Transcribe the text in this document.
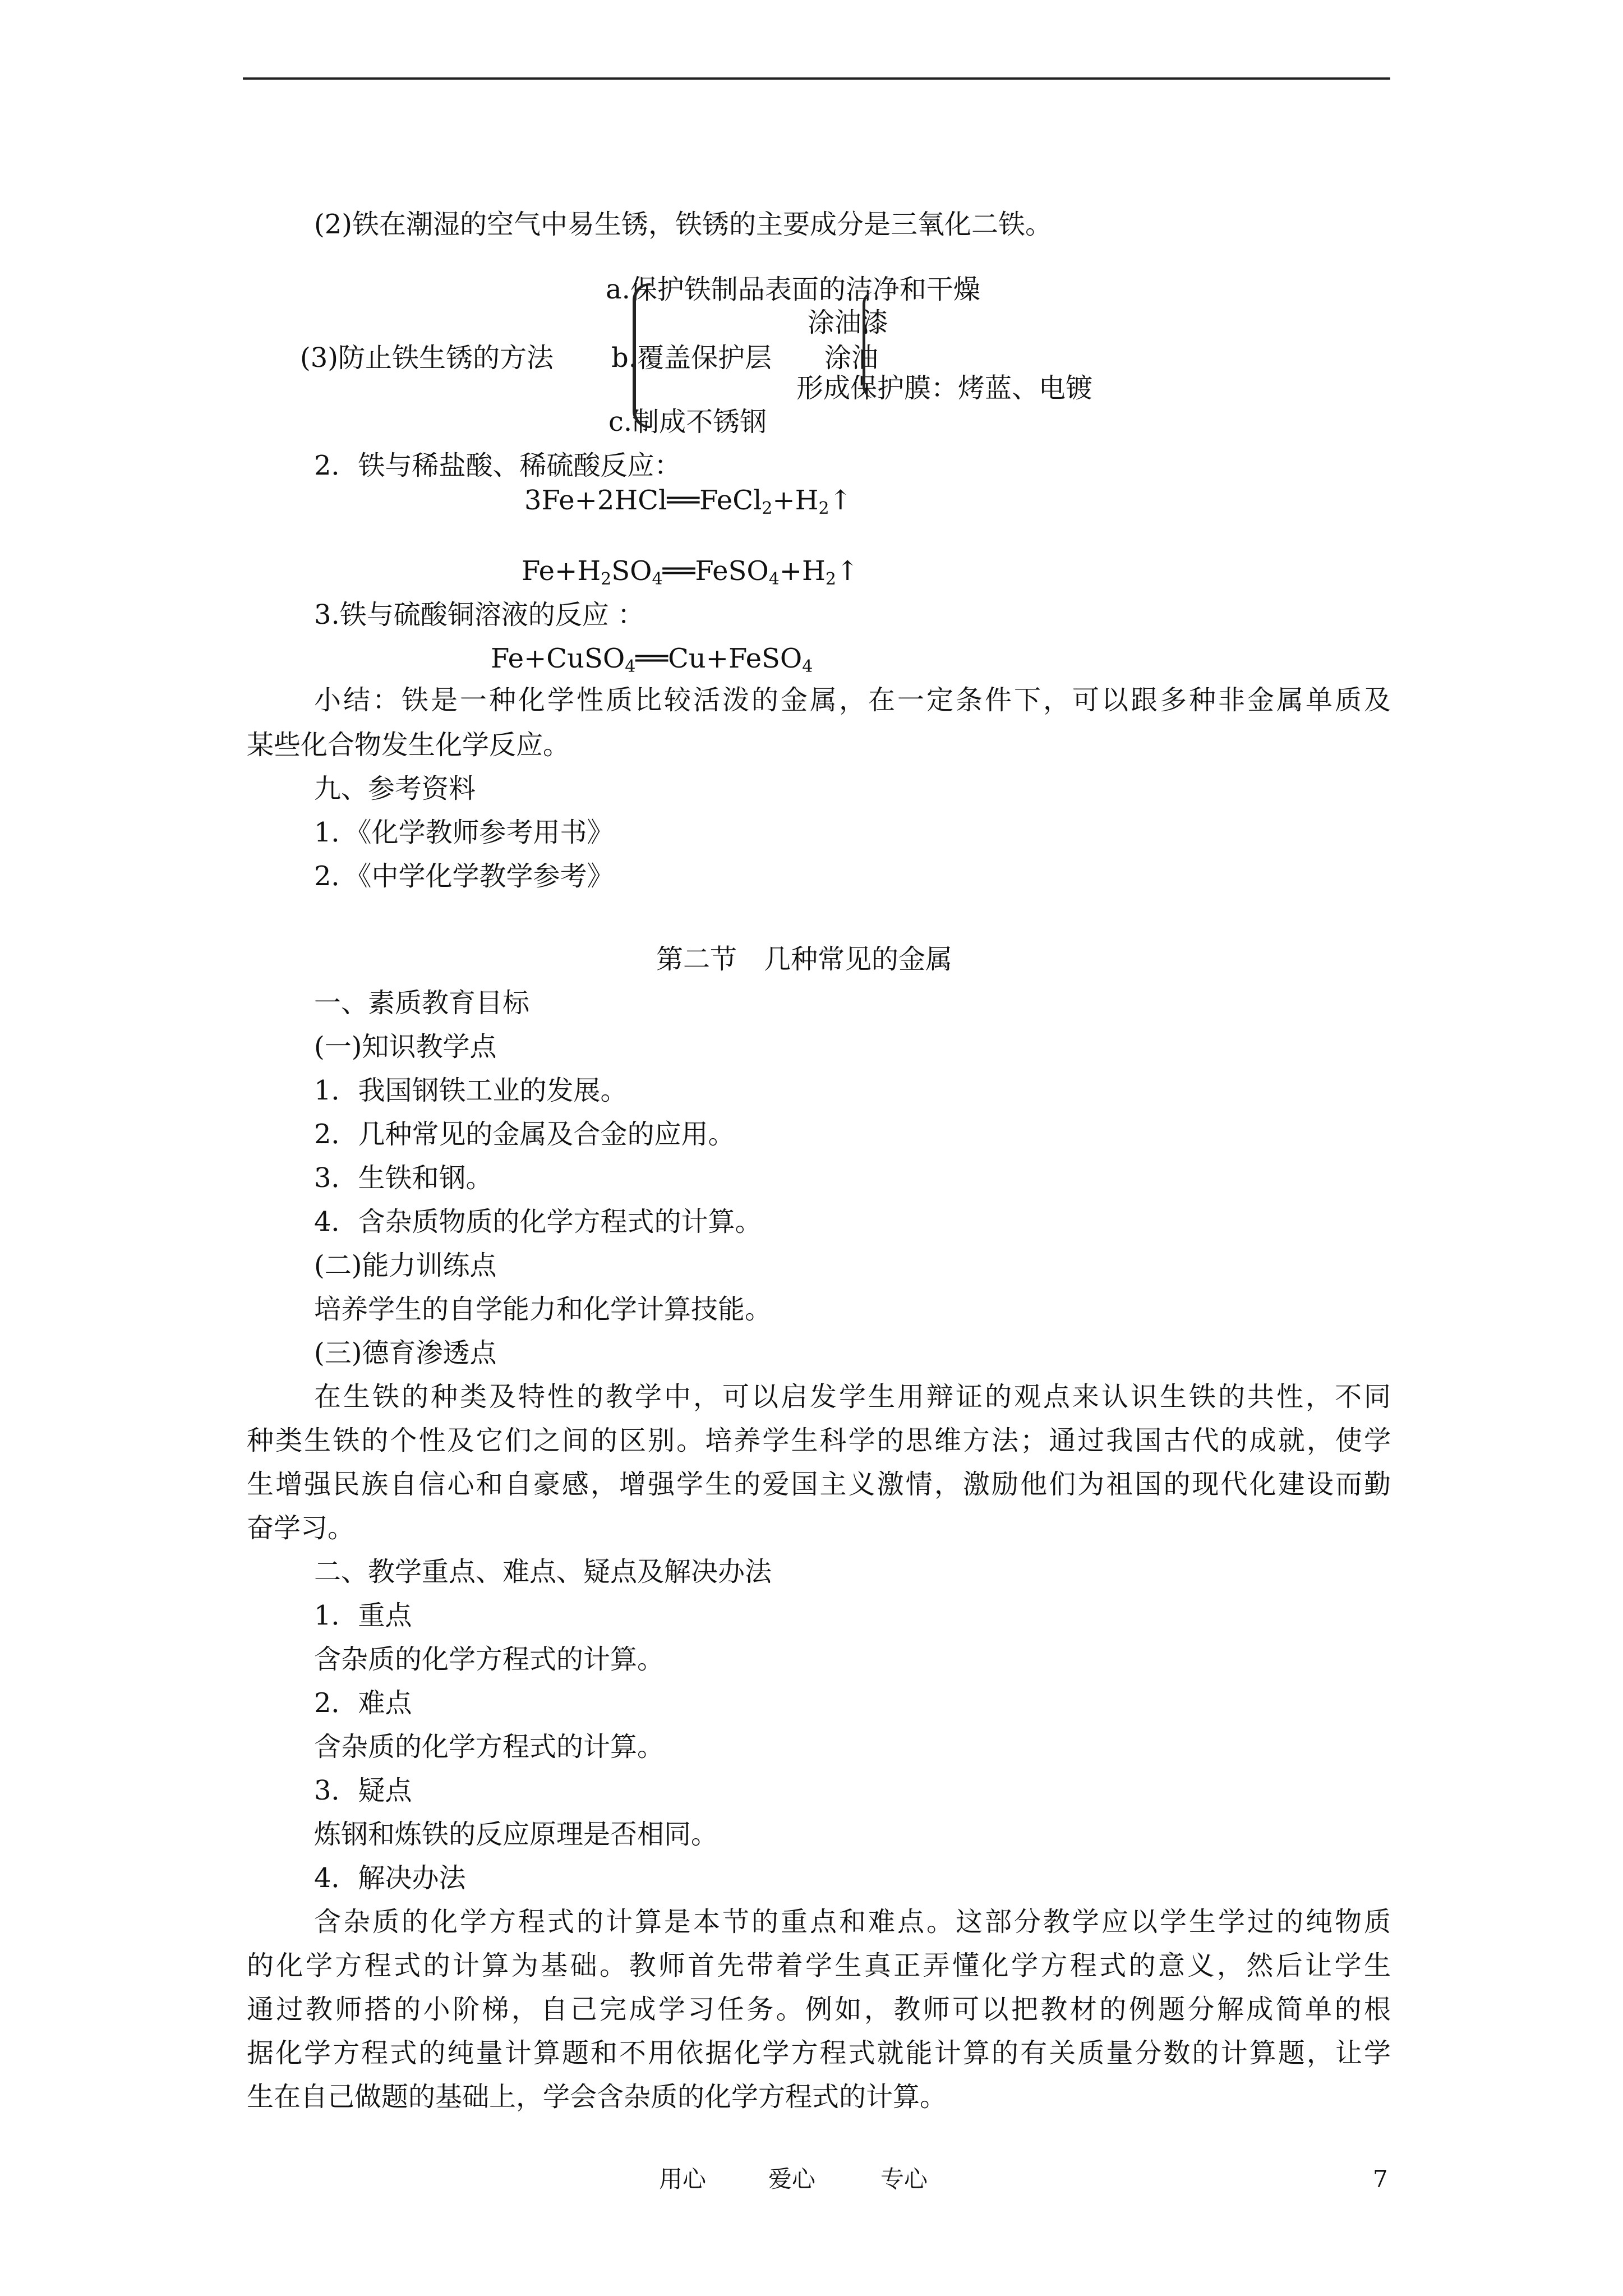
(2)铁在潮湿的空气中易生锈，铁锈的主要成分是三氧化二铁。
a.保护铁制品表面的洁净和干燥
涂油漆
(3)防止铁生锈的方法 b.覆盖保护层 涂油
形成保护膜：烤蓝、电镀
c.制成不锈钢
2．铁与稀盐酸、稀硫酸反应：
$3Fe+2HCl══FeCl_2+H_2↑$
$Fe+H_2SO_4══FeSO_4+H_2↑$
3.铁与硫酸铜溶液的反应 ：
Fe+CuSO$_4$══Cu+FeSO$_4$
小结：铁是一种化学性质比较活泼的金属，在一定条件下，可以跟多种非金属单质及
某些化合物发生化学反应。
九、参考资料
1．《化学教师参考用书》
2．《中学化学教学参考》
第二节　几种常见的金属
一、素质教育目标
(一)知识教学点
1．我国钢铁工业的发展。
2．几种常见的金属及合金的应用。
3．生铁和钢。
4．含杂质物质的化学方程式的计算。
(二)能力训练点
培养学生的自学能力和化学计算技能。
(三)德育渗透点
在生铁的种类及特性的教学中，可以启发学生用辩证的观点来认识生铁的共性，不同
种类生铁的个性及它们之间的区别。培养学生科学的思维方法；通过我国古代的成就，使学
生增强民族自信心和自豪感，增强学生的爱国主义激情，激励他们为祖国的现代化建设而勤
奋学习。
二、教学重点、难点、疑点及解决办法
1．重点
含杂质的化学方程式的计算。
2．难点
含杂质的化学方程式的计算。
3．疑点
炼钢和炼铁的反应原理是否相同。
4．解决办法
含杂质的化学方程式的计算是本节的重点和难点。这部分教学应以学生学过的纯物质
的化学方程式的计算为基础。教师首先带着学生真正弄懂化学方程式的意义，然后让学生
通过教师搭的小阶梯，自己完成学习任务。例如，教师可以把教材的例题分解成简单的根
据化学方程式的纯量计算题和不用依据化学方程式就能计算的有关质量分数的计算题，让学
生在自己做题的基础上，学会含杂质的化学方程式的计算。
用心	爱心	专心	7
